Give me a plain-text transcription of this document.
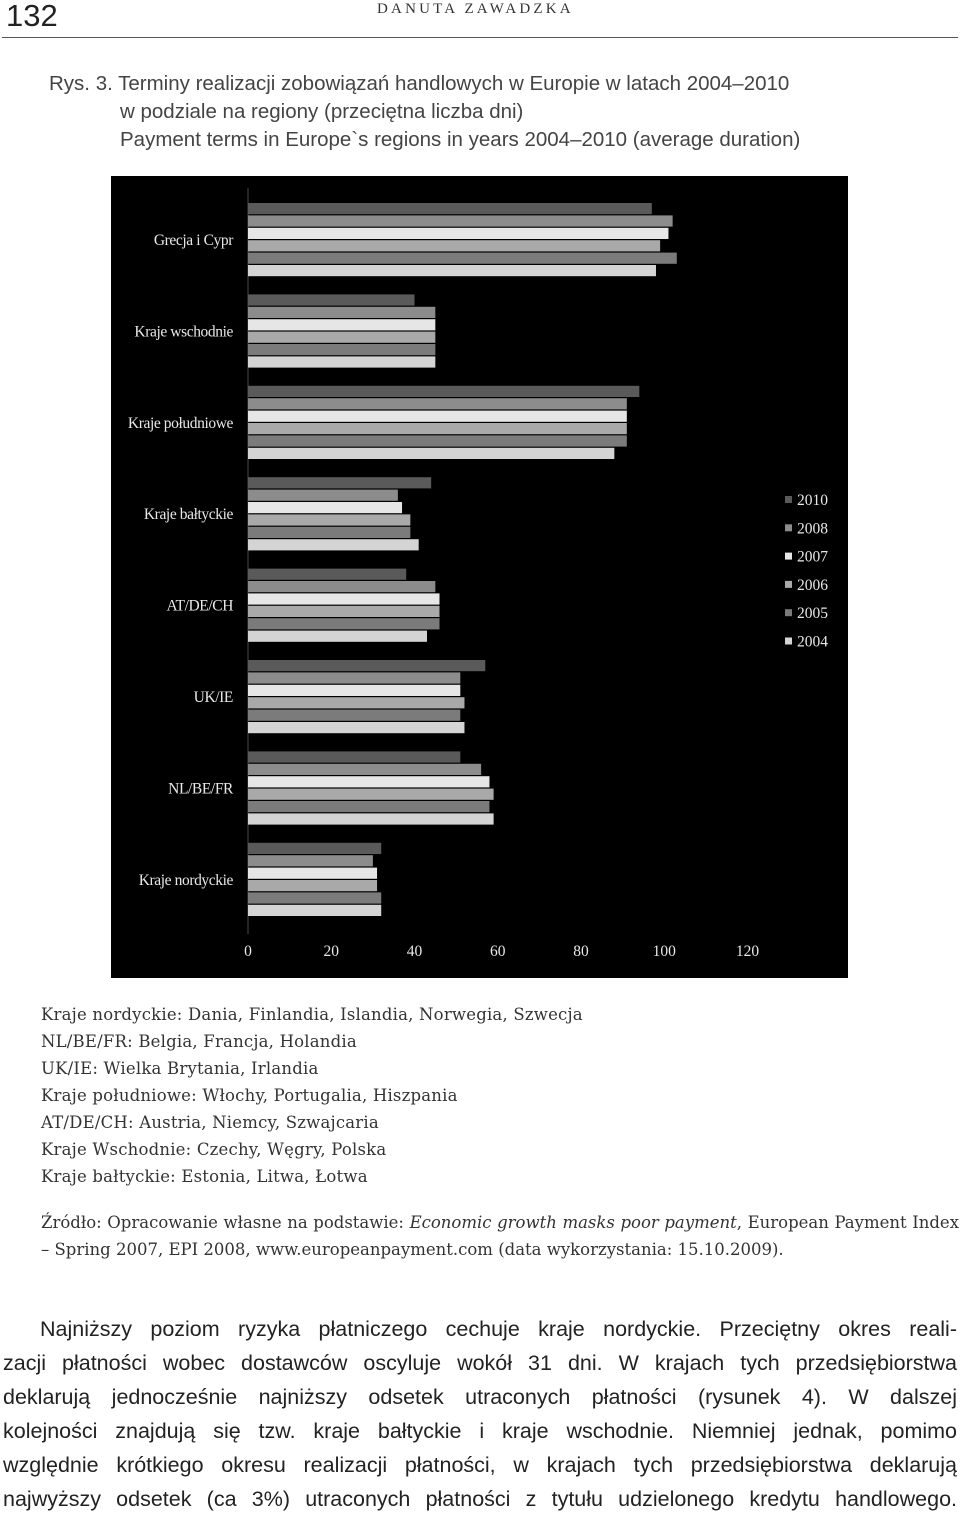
132	DANUTA ZAWADZKA
Rys. 3. Terminy realizacji zobowiązań handlowych w Europie w latach 2004–2010
w podziale na regiony (przeciętna liczba dni)
Payment terms in Europe`s regions in years 2004–2010 (average duration)
Grecja i Cypr
Kraje wschodnie
Kraje południowe
Kraje bałtyckie
AT/DE/CH
UK/IE
NL/BE/FR
Kraje nordyckie
0	20	40	60	80	100	120
2010
2008
2007
2006
2005
2004
Kraje nordyckie: Dania, Finlandia, Islandia, Norwegia, Szwecja
NL/BE/FR: Belgia, Francja, Holandia
UK/IE: Wielka Brytania, Irlandia
Kraje południowe: Włochy, Portugalia, Hiszpania
AT/DE/CH: Austria, Niemcy, Szwajcaria
Kraje Wschodnie: Czechy, Węgry, Polska
Kraje bałtyckie: Estonia, Litwa, Łotwa
Źródło: Opracowanie własne na podstawie: Economic growth masks poor payment, European Payment Index – Spring 2007, EPI 2008, www.europeanpayment.com (data wykorzystania: 15.10.2009).
Najniższy poziom ryzyka płatniczego cechuje kraje nordyckie. Przeciętny okres reali-
zacji płatności wobec dostawców oscyluje wokół 31 dni. W krajach tych przedsiębiorstwa
deklarują jednocześnie najniższy odsetek utraconych płatności (rysunek 4). W dalszej
kolejności znajdują się tzw. kraje bałtyckie i kraje wschodnie. Niemniej jednak, pomimo
względnie krótkiego okresu realizacji płatności, w krajach tych przedsiębiorstwa deklarują
najwyższy odsetek (ca 3%) utraconych płatności z tytułu udzielonego kredytu handlowego.
